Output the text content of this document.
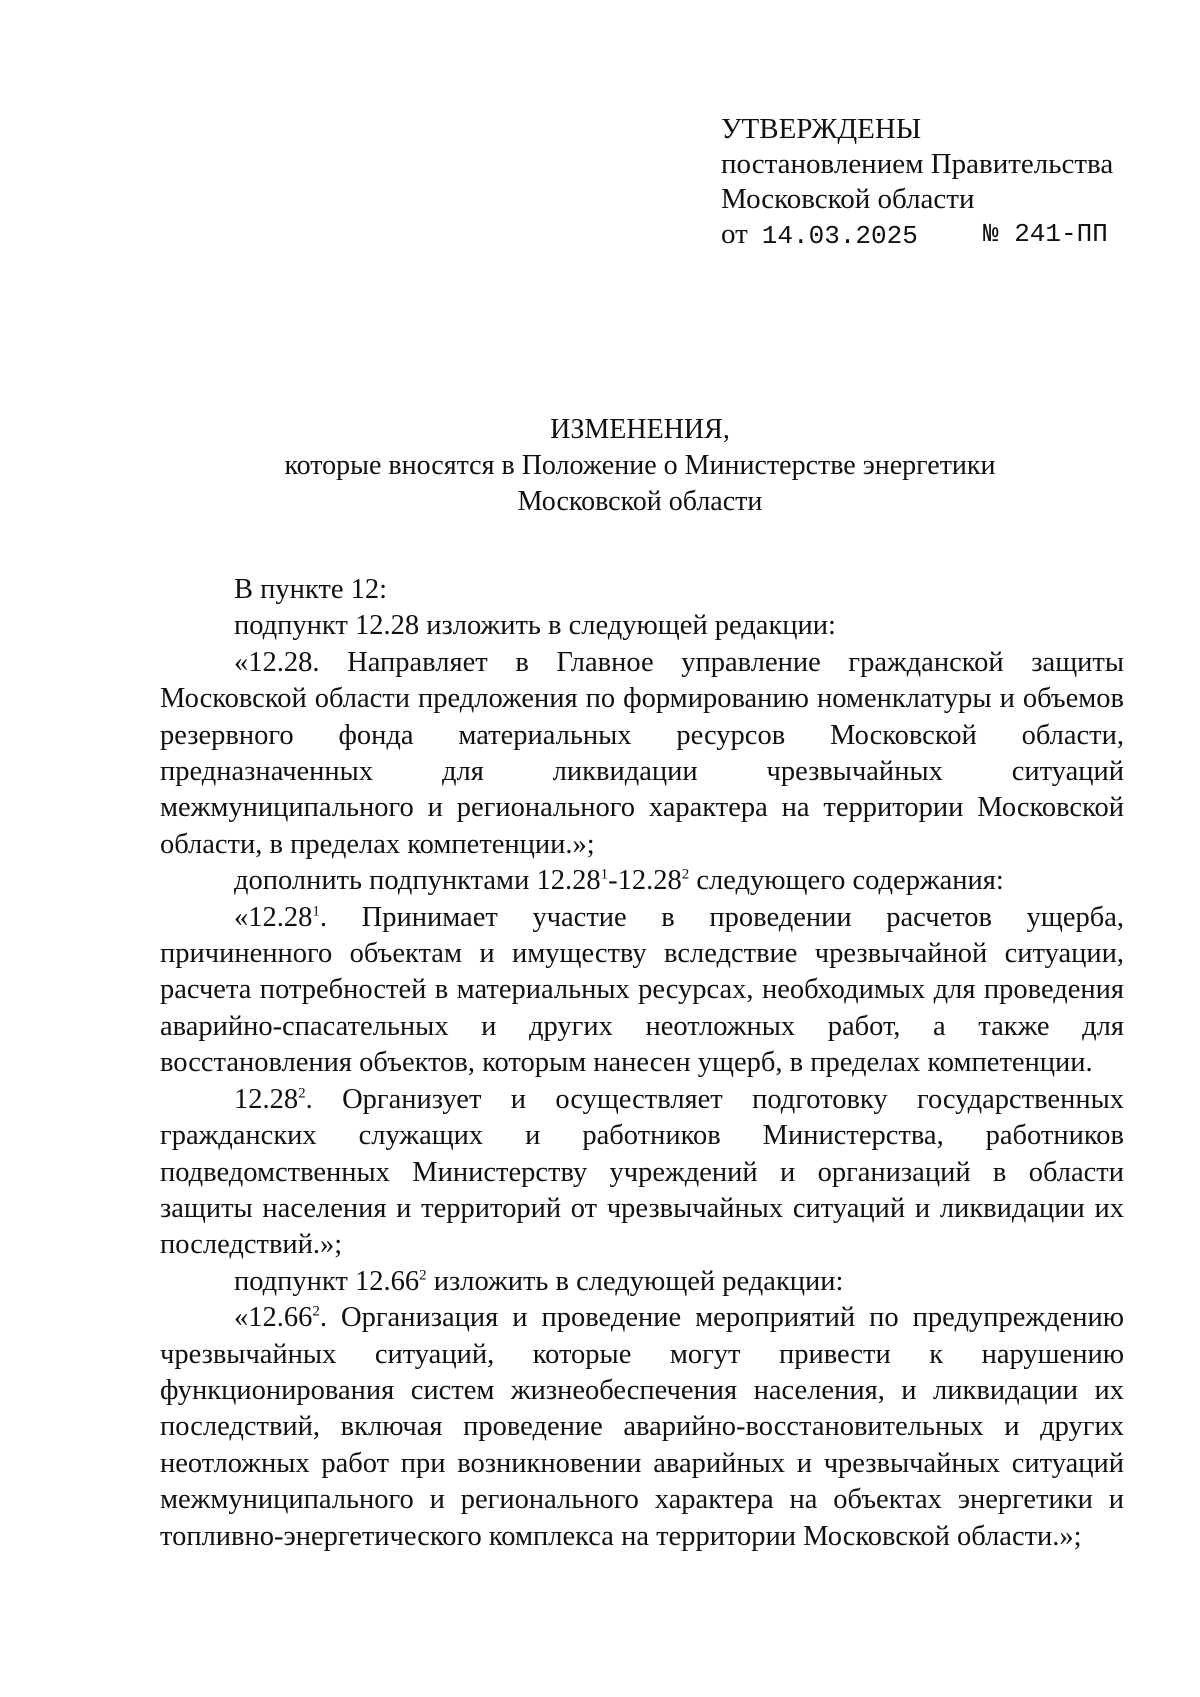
УТВЕРЖДЕНЫ
постановлением Правительства
Московской области
от 14.03.2025	№ 241-ПП
ИЗМЕНЕНИЯ,
которые вносятся в Положение о Министерстве энергетики
Московской области

В пункте 12:

подпункт 12.28 изложить в следующей редакции:

«12.28. Направляет в Главное управление гражданской защиты Московской области предложения по формированию номенклатуры и объемов резервного фонда материальных ресурсов Московской области, предназначенных для ликвидации чрезвычайных ситуаций межмуниципального и регионального характера на территории Московской области, в пределах компетенции.»;

дополнить подпунктами 12.28$^1$-12.28$^2$ следующего содержания:

«12.28$^1$. Принимает участие в проведении расчетов ущерба, причиненного объектам и имуществу вследствие чрезвычайной ситуации, расчета потребностей в материальных ресурсах, необходимых для проведения аварийно-спасательных и других неотложных работ, а также для восстановления объектов, которым нанесен ущерб, в пределах компетенции.

12.28$^2$. Организует и осуществляет подготовку государственных гражданских служащих и работников Министерства, работников подведомственных Министерству учреждений и организаций в области защиты населения и территорий от чрезвычайных ситуаций и ликвидации их последствий.»;

подпункт 12.66$^2$ изложить в следующей редакции:

«12.66$^2$. Организация и проведение мероприятий по предупреждению чрезвычайных ситуаций, которые могут привести к нарушению функционирования систем жизнеобеспечения населения, и ликвидации их последствий, включая проведение аварийно-восстановительных и других неотложных работ при возникновении аварийных и чрезвычайных ситуаций межмуниципального и регионального характера на объектах энергетики и топливно-энергетического комплекса на территории Московской области.»;
